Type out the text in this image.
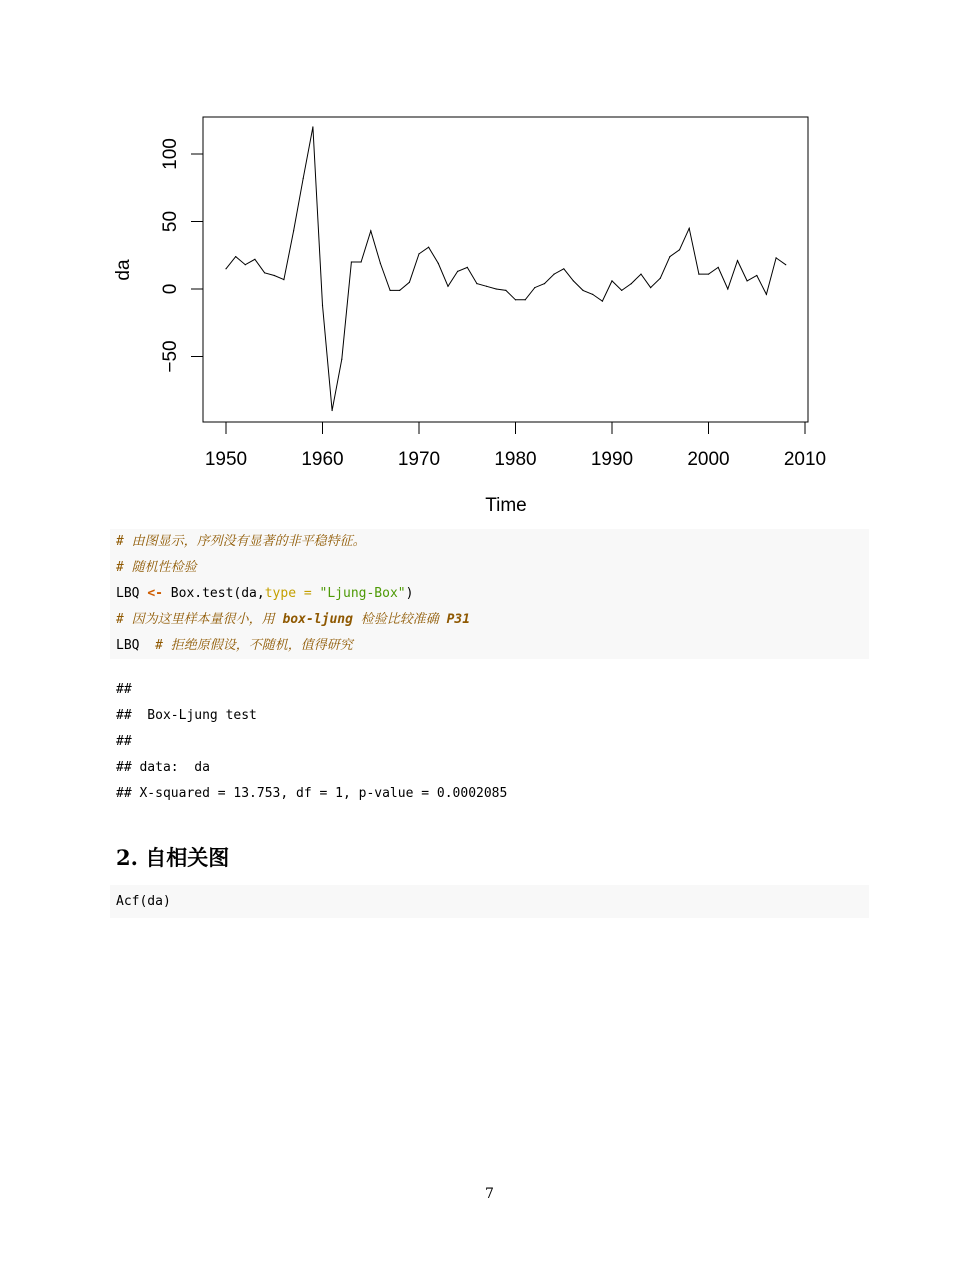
1950	1960	1970	1980	1990	2000	2010
−50
0
50
100
Time
da
# 由图显示，序列没有显著的非平稳特征。
# 随机性检验
LBQ <- Box.test(da,type = "Ljung-Box")
# 因为这里样本量很小，用 box-ljung 检验比较准确 P31
LBQ  # 拒绝原假设，不随机，值得研究
##
##  Box-Ljung test
##
## data:  da
## X-squared = 13.753, df = 1, p-value = 0.0002085
2. 自相关图
Acf(da)
7
